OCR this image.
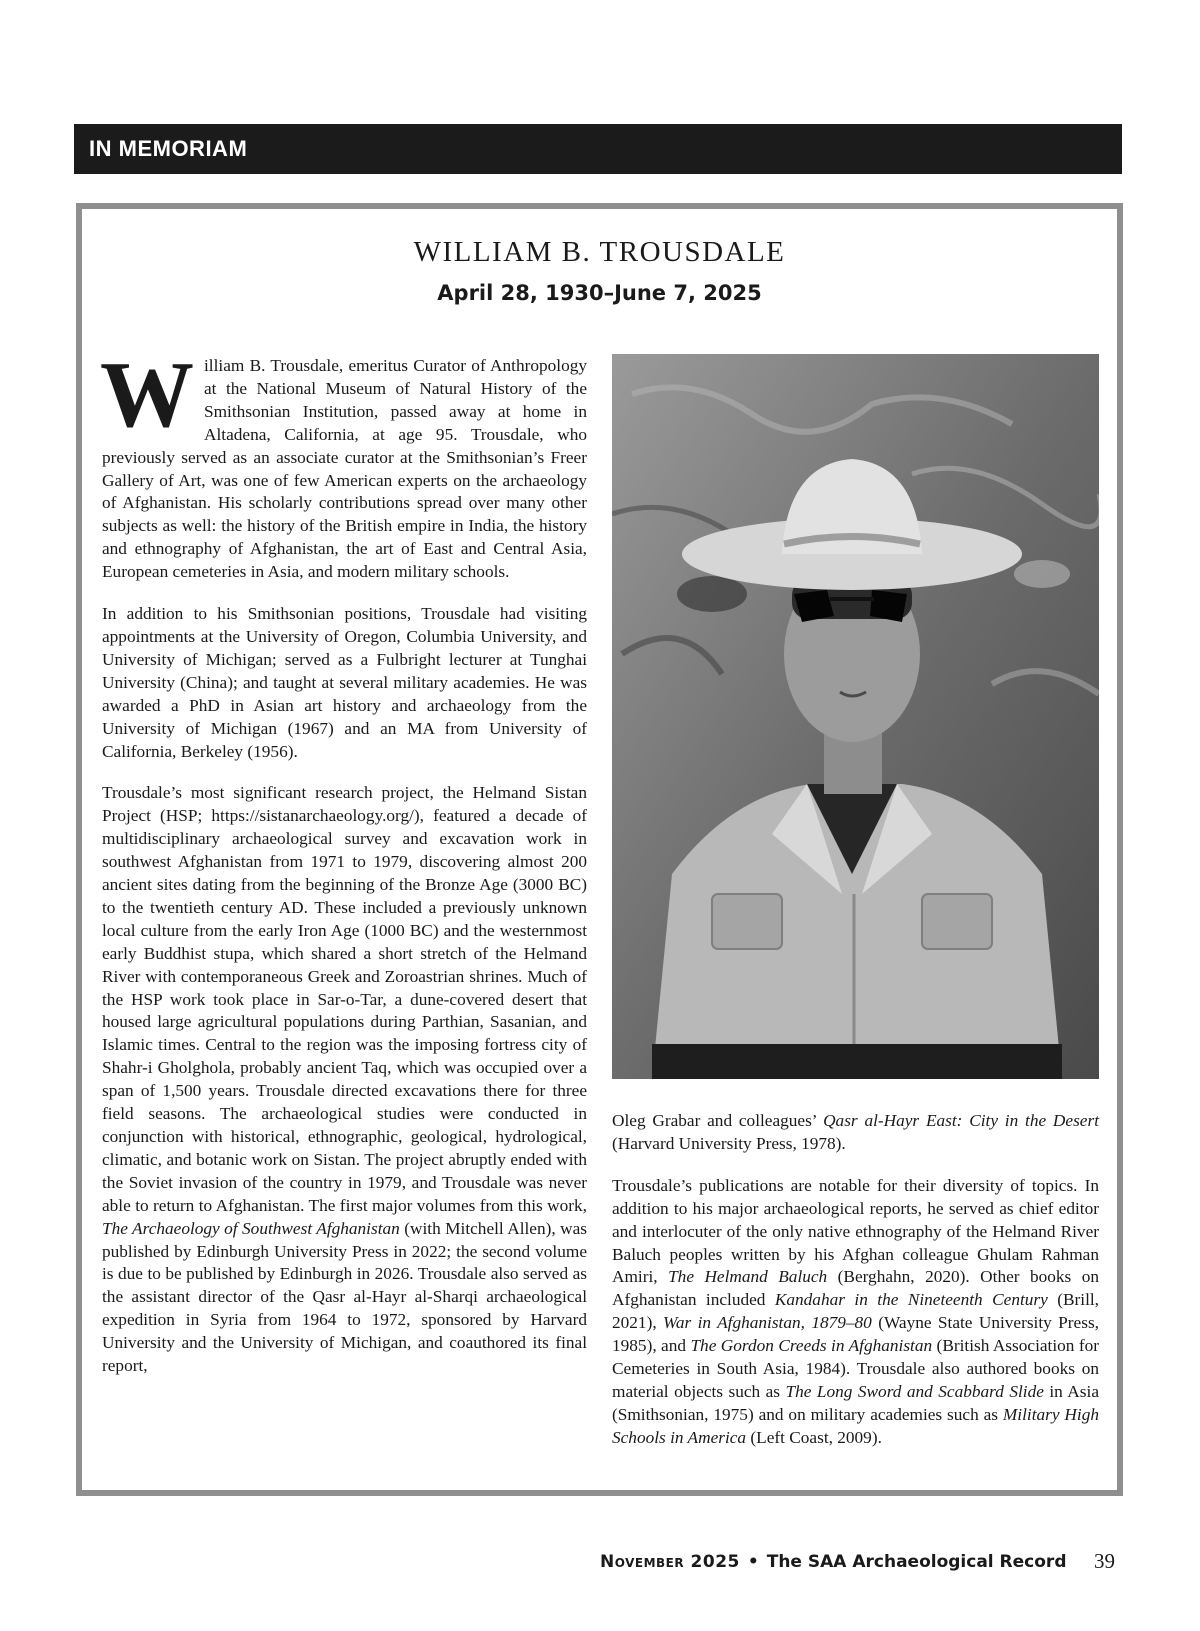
IN MEMORIAM
WILLIAM B. TROUSDALE
April 28, 1930–June 7, 2025

William B. Trousdale, emeritus Curator of Anthropology at the National Museum of Natural History of the Smithsonian Institution, passed away at home in Altadena, California, at age 95. Trousdale, who previously served as an associate curator at the Smithsonian’s Freer Gallery of Art, was one of few American experts on the archaeology of Afghanistan. His scholarly contributions spread over many other subjects as well: the history of the British empire in India, the history and ethnography of Afghanistan, the art of East and Central Asia, European cemeteries in Asia, and modern military schools.

In addition to his Smithsonian positions, Trousdale had visiting appointments at the University of Oregon, Columbia University, and University of Michigan; served as a Fulbright lecturer at Tunghai University (China); and taught at several military academies. He was awarded a PhD in Asian art history and archaeology from the University of Michigan (1967) and an MA from University of California, Berkeley (1956).

Trousdale’s most significant research project, the Helmand Sistan Project (HSP; https://sistanarchaeology.org/), featured a decade of multidisciplinary archaeological survey and excavation work in southwest Afghanistan from 1971 to 1979, discovering almost 200 ancient sites dating from the beginning of the Bronze Age (3000 BC) to the twentieth century AD. These included a previously unknown local culture from the early Iron Age (1000 BC) and the westernmost early Buddhist stupa, which shared a short stretch of the Helmand River with contemporaneous Greek and Zoroastrian shrines. Much of the HSP work took place in Sar-o-Tar, a dune-covered desert that housed large agricultural populations during Parthian, Sasanian, and Islamic times. Central to the region was the imposing fortress city of Shahr-i Gholghola, probably ancient Taq, which was occupied over a span of 1,500 years. Trousdale directed excavations there for three field seasons. The archaeological studies were conducted in conjunction with historical, ethnographic, geological, hydrological, climatic, and botanic work on Sistan. The project abruptly ended with the Soviet invasion of the country in 1979, and Trousdale was never able to return to Afghanistan. The first major volumes from this work, The Archaeology of Southwest Afghanistan (with Mitchell Allen), was published by Edinburgh University Press in 2022; the second volume is due to be published by Edinburgh in 2026. Trousdale also served as the assistant director of the Qasr al-Hayr al-Sharqi archaeological expedition in Syria from 1964 to 1972, sponsored by Harvard University and the University of Michigan, and coauthored its final report,

Oleg Grabar and colleagues’ Qasr al-Hayr East: City in the Desert (Harvard University Press, 1978).

Trousdale’s publications are notable for their diversity of topics. In addition to his major archaeological reports, he served as chief editor and interlocuter of the only native ethnography of the Helmand River Baluch peoples written by his Afghan colleague Ghulam Rahman Amiri, The Helmand Baluch (Berghahn, 2020). Other books on Afghanistan included Kandahar in the Nineteenth Century (Brill, 2021), War in Afghanistan, 1879–80 (Wayne State University Press, 1985), and The Gordon Creeds in Afghanistan (British Association for Cemeteries in South Asia, 1984). Trousdale also authored books on material objects such as The Long Sword and Scabbard Slide in Asia (Smithsonian, 1975) and on military academies such as Military High Schools in America (Left Coast, 2009).

November 2025 • The SAA Archaeological Record 39
